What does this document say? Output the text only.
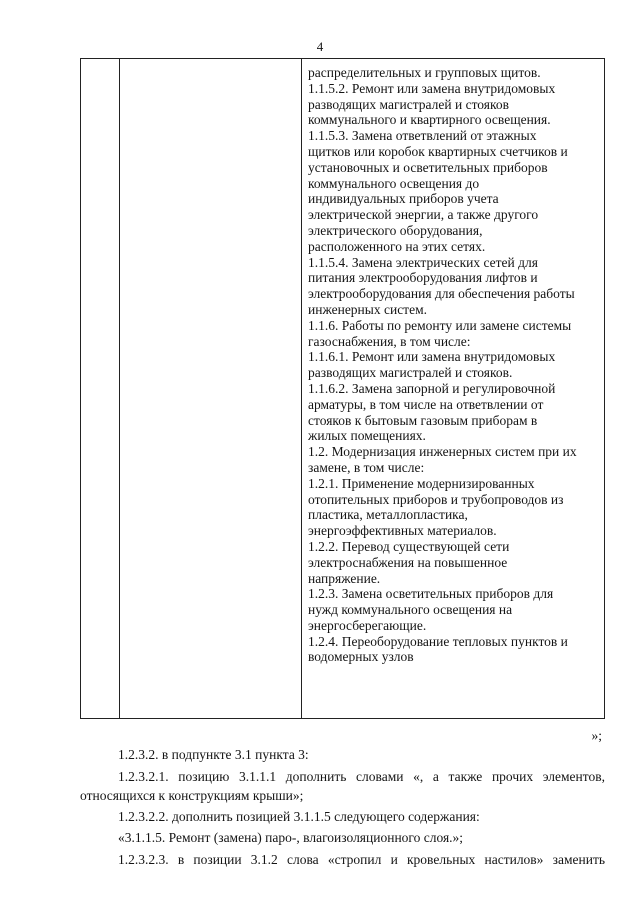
4
распределительных и групповых щитов.
1.1.5.2. Ремонт или замена внутридомовых
разводящих магистралей и стояков
коммунального и квартирного освещения.
1.1.5.3. Замена ответвлений от этажных
щитков или коробок квартирных счетчиков и
установочных и осветительных приборов
коммунального освещения до
индивидуальных приборов учета
электрической энергии, а также другого
электрического оборудования,
расположенного на этих сетях.
1.1.5.4. Замена электрических сетей для
питания электрооборудования лифтов и
электрооборудования для обеспечения работы
инженерных систем.
1.1.6. Работы по ремонту или замене системы
газоснабжения, в том числе:
1.1.6.1. Ремонт или замена внутридомовых
разводящих магистралей и стояков.
1.1.6.2. Замена запорной и регулировочной
арматуры, в том числе на ответвлении от
стояков к бытовым газовым приборам в
жилых помещениях.
1.2. Модернизация инженерных систем при их
замене, в том числе:
1.2.1. Применение модернизированных
отопительных приборов и трубопроводов из
пластика, металлопластика,
энергоэффективных материалов.
1.2.2. Перевод существующей сети
электроснабжения на повышенное
напряжение.
1.2.3. Замена осветительных приборов для
нужд коммунального освещения на
энергосберегающие.
1.2.4. Переоборудование тепловых пунктов и
водомерных узлов
»;
1.2.3.2. в подпункте 3.1 пункта 3:
1.2.3.2.1. позицию 3.1.1.1 дополнить словами «, а также прочих элементов,
относящихся к конструкциям крыши»;
1.2.3.2.2. дополнить позицией 3.1.1.5 следующего содержания:
«3.1.1.5. Ремонт (замена) паро-, влагоизоляционного слоя.»;
1.2.3.2.3. в позиции 3.1.2 слова «стропил и кровельных настилов» заменить
